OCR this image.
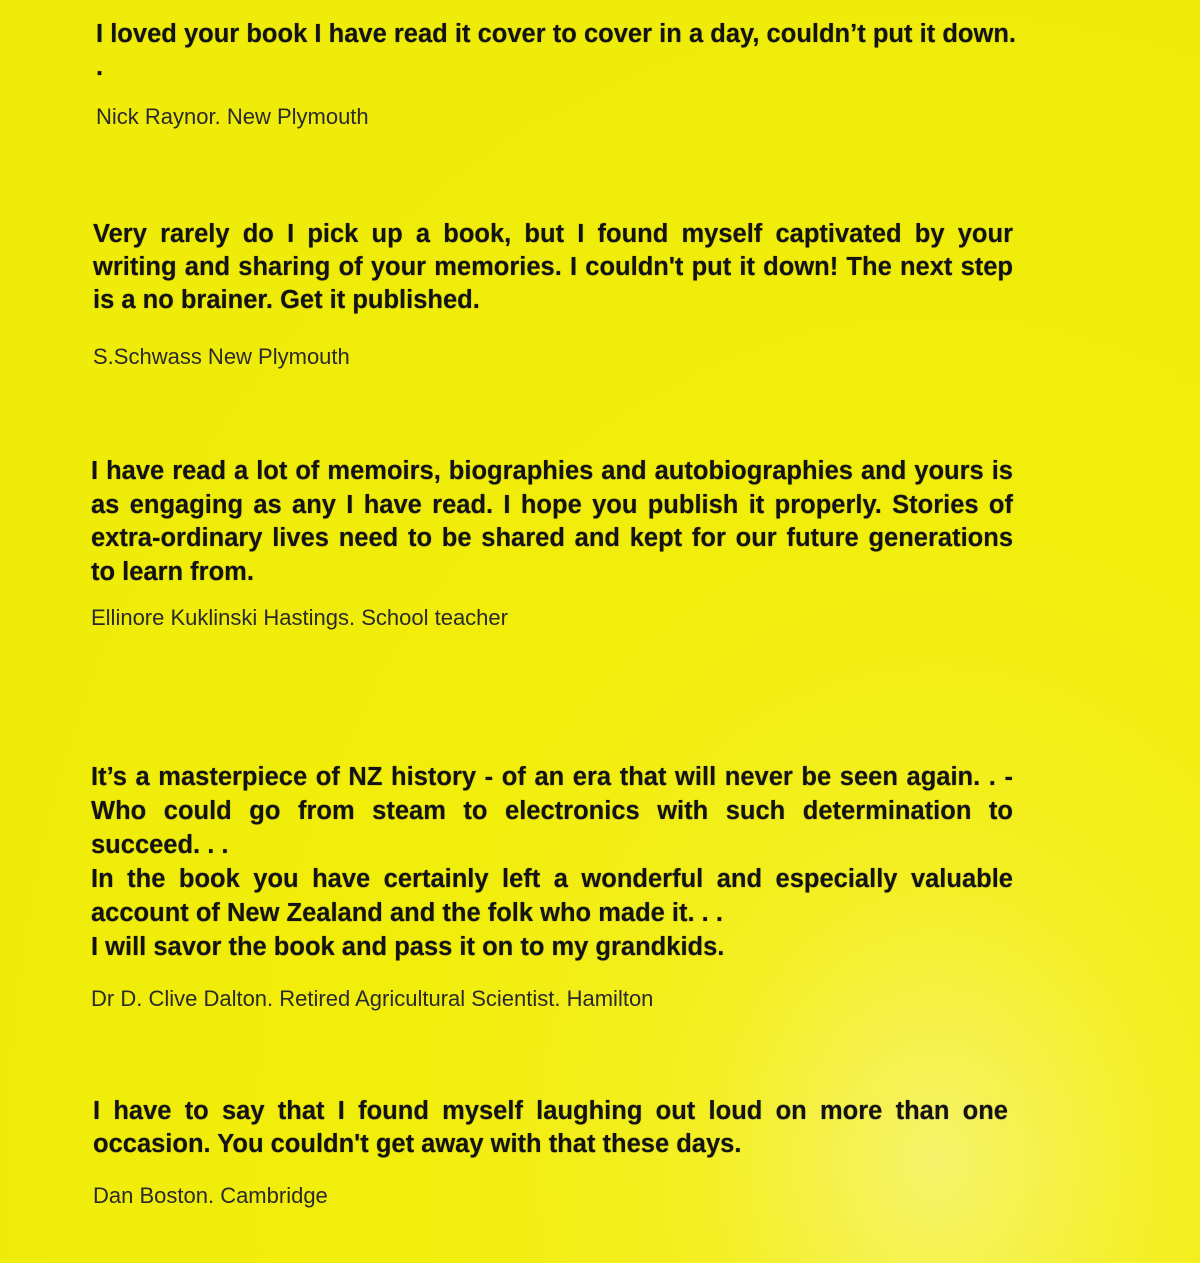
I loved your book I have read it cover to cover in a day, couldn’t put it down. .

Nick Raynor. New Plymouth

Very rarely do I pick up a book, but I found myself captivated by your writing and sharing of your memories. I couldn't put it down! The next step is a no brainer. Get it published.

S.Schwass New Plymouth

I have read a lot of memoirs, biographies and autobiographies and yours is as engaging as any I have read. I hope you publish it properly. Stories of extra-ordinary lives need to be shared and kept for our future generations to learn from.

Ellinore Kuklinski Hastings. School teacher

It’s a masterpiece of NZ history - of an era that will never be seen again. . - Who could go from steam to electronics with such determination to succeed. . .
In the book you have certainly left a wonderful and especially valuable account of New Zealand and the folk who made it. . .
I will savor the book and pass it on to my grandkids.

Dr D. Clive Dalton. Retired Agricultural Scientist. Hamilton

I have to say that I found myself laughing out loud on more than one occasion. You couldn't get away with that these days.

Dan Boston. Cambridge
